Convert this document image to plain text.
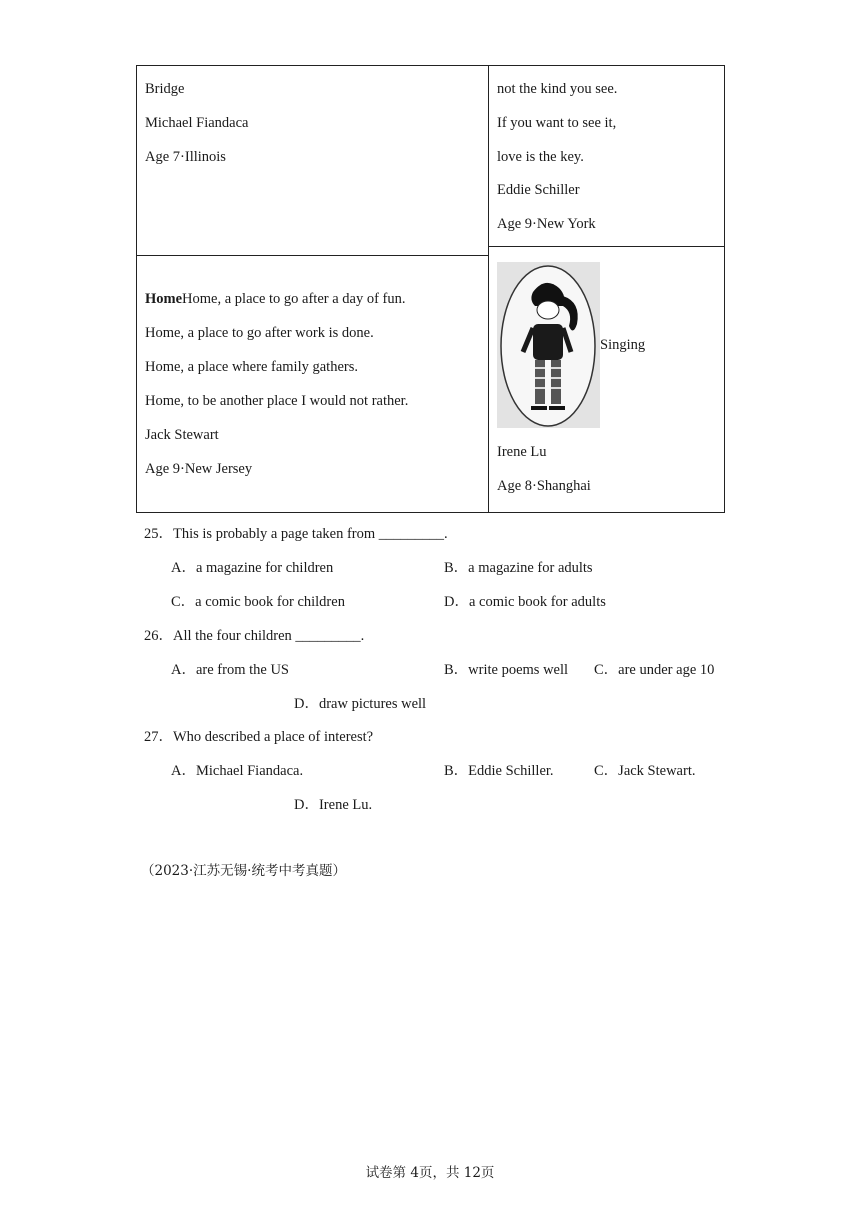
Bridge
Michael Fiandaca
Age 7·Illinois
not the kind you see.
If you want to see it,
love is the key.
Eddie Schiller
Age 9·New York
HomeHome, a place to go after a day of fun.
Home, a place to go after work is done.
Home, a place where family gathers.
Home, to be another place I would not rather.
Jack Stewart
Age 9·New Jersey
Singing
Irene Lu
Age 8·Shanghai
25．This is probably a page taken from _________.
A．a magazine for children	B．a magazine for adults
C．a comic book for children	D．a comic book for adults
26．All the four children _________.
A．are from the US	B．write poems well C．are under age 10
D．draw pictures well
27．Who described a place of interest?
A．Michael Fiandaca.	B．Eddie Schiller.	C．Jack Stewart.
D．Irene Lu.
（2023·江苏无锡·统考中考真题）
试卷第 4页，共 12页
